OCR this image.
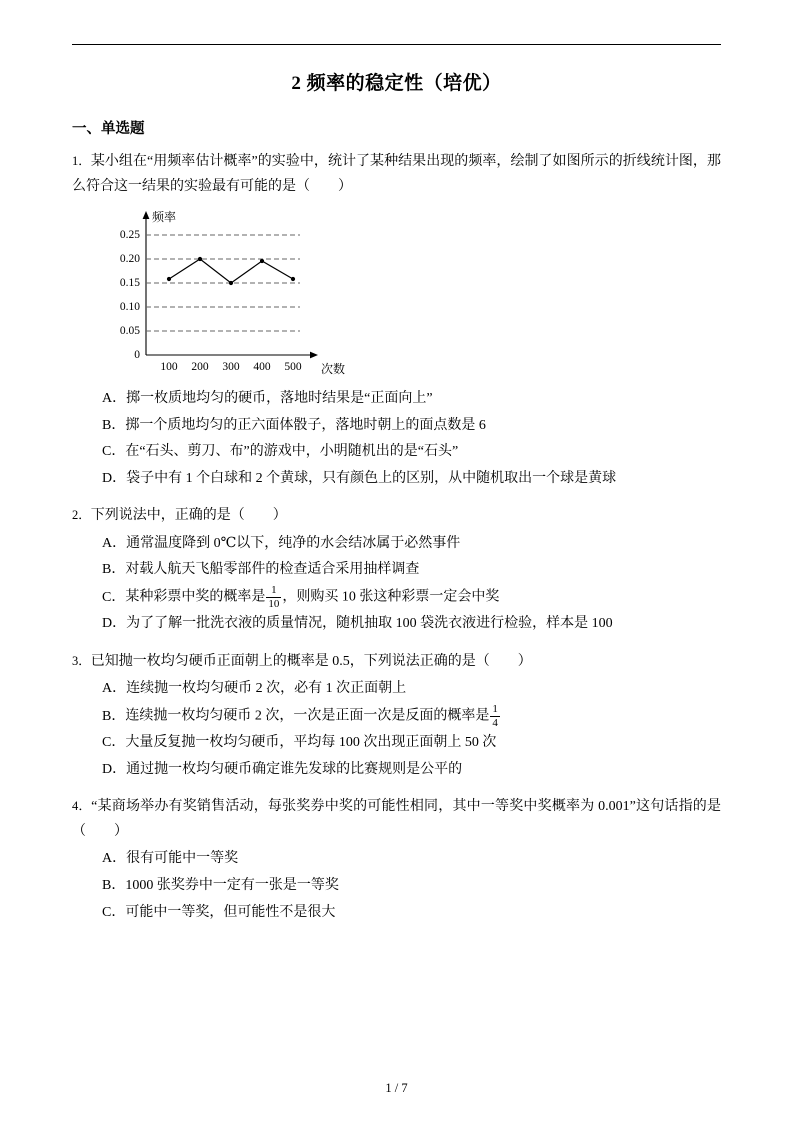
2 频率的稳定性（培优）
一、单选题
1．某小组在“用频率估计概率”的实验中，统计了某种结果出现的频率，绘制了如图所示的折线统计图，那么符合这一结果的实验最有可能的是（　　）
0.25
0.20
0.15
0.10
0.05
0
100 200 300 400 500
频率
次数
A．掷一枚质地均匀的硬币，落地时结果是“正面向上”
B．掷一个质地均匀的正六面体骰子，落地时朝上的面点数是 6
C．在“石头、剪刀、布”的游戏中，小明随机出的是“石头”
D．袋子中有 1 个白球和 2 个黄球，只有颜色上的区别，从中随机取出一个球是黄球
2．下列说法中，正确的是（　　）
A．通常温度降到 0℃以下，纯净的水会结冰属于必然事件
B．对载人航天飞船零部件的检查适合采用抽样调查
C．某种彩票中奖的概率是 $\frac{1}{10}$ ，则购买 10 张这种彩票一定会中奖
D．为了了解一批洗衣液的质量情况，随机抽取 100 袋洗衣液进行检验，样本是 100
3．已知抛一枚均匀硬币正面朝上的概率是 0.5，下列说法正确的是（　　）
A．连续抛一枚均匀硬币 2 次，必有 1 次正面朝上
B．连续抛一枚均匀硬币 2 次，一次是正面一次是反面的概率是 $\frac{1}{4}$
C．大量反复抛一枚均匀硬币，平均每 100 次出现正面朝上 50 次
D．通过抛一枚均匀硬币确定谁先发球的比赛规则是公平的
4．“某商场举办有奖销售活动，每张奖券中奖的可能性相同，其中一等奖中奖概率为 0.001”这句话指的是（　　）
A．很有可能中一等奖
B．1000 张奖券中一定有一张是一等奖
C．可能中一等奖，但可能性不是很大
1 / 7
